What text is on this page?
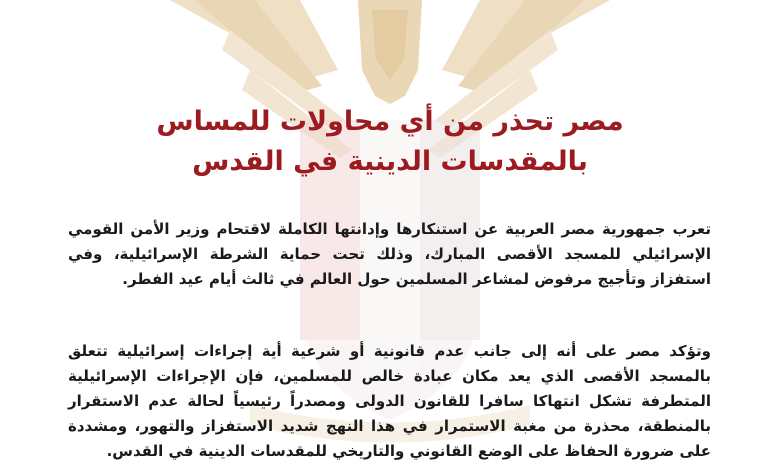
مصر تحذر من أي محاولات للمساس بالمقدسات الدينية في القدس
تعرب جمهورية مصر العربية عن استنكارها وإدانتها الكاملة لاقتحام وزير الأمن القومي الإسرائيلي للمسجد الأقصى المبارك، وذلك تحت حماية الشرطة الإسرائيلية، وفي استفزاز وتأجيج مرفوض لمشاعر المسلمين حول العالم في ثالث أيام عيد الفطر.
وتؤكد مصر على أنه إلى جانب عدم قانونية أو شرعية أية إجراءات إسرائيلية تتعلق بالمسجد الأقصى الذي يعد مكان عبادة خالص للمسلمين، فإن الإجراءات الإسرائيلية المتطرفة تشكل انتهاكا سافرا للقانون الدولى ومصدراً رئيسياً لحالة عدم الاستقرار بالمنطقة، محذرة من مغبة الاستمرار في هذا النهج شديد الاستفزاز والتهور، ومشددة على ضرورة الحفاظ على الوضع القانوني والتاريخي للمقدسات الدينية في القدس.
